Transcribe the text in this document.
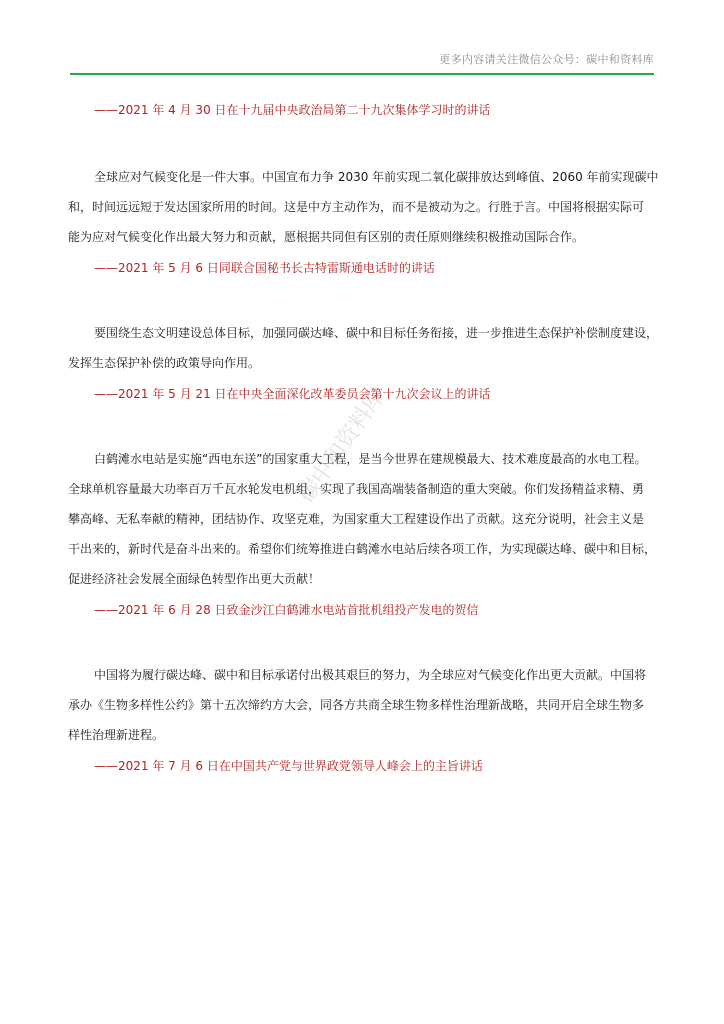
更多内容请关注微信公众号：碳中和资料库
碳中和资料库

——2021 年 4 月 30 日在十九届中央政治局第二十九次集体学习时的讲话

全球应对气候变化是一件大事。中国宣布力争 2030 年前实现二氧化碳排放达到峰值、2060 年前实现碳中
和，时间远远短于发达国家所用的时间。这是中方主动作为，而不是被动为之。行胜于言。中国将根据实际可
能为应对气候变化作出最大努力和贡献，愿根据共同但有区别的责任原则继续积极推动国际合作。

——2021 年 5 月 6 日同联合国秘书长古特雷斯通电话时的讲话

要围绕生态文明建设总体目标，加强同碳达峰、碳中和目标任务衔接，进一步推进生态保护补偿制度建设，
发挥生态保护补偿的政策导向作用。

——2021 年 5 月 21 日在中央全面深化改革委员会第十九次会议上的讲话

白鹤滩水电站是实施“西电东送”的国家重大工程，是当今世界在建规模最大、技术难度最高的水电工程。
全球单机容量最大功率百万千瓦水轮发电机组，实现了我国高端装备制造的重大突破。你们发扬精益求精、勇
攀高峰、无私奉献的精神，团结协作、攻坚克难，为国家重大工程建设作出了贡献。这充分说明，社会主义是
干出来的，新时代是奋斗出来的。希望你们统筹推进白鹤滩水电站后续各项工作，为实现碳达峰、碳中和目标，
促进经济社会发展全面绿色转型作出更大贡献！

——2021 年 6 月 28 日致金沙江白鹤滩水电站首批机组投产发电的贺信

中国将为履行碳达峰、碳中和目标承诺付出极其艰巨的努力，为全球应对气候变化作出更大贡献。中国将
承办《生物多样性公约》第十五次缔约方大会，同各方共商全球生物多样性治理新战略，共同开启全球生物多
样性治理新进程。

——2021 年 7 月 6 日在中国共产党与世界政党领导人峰会上的主旨讲话
